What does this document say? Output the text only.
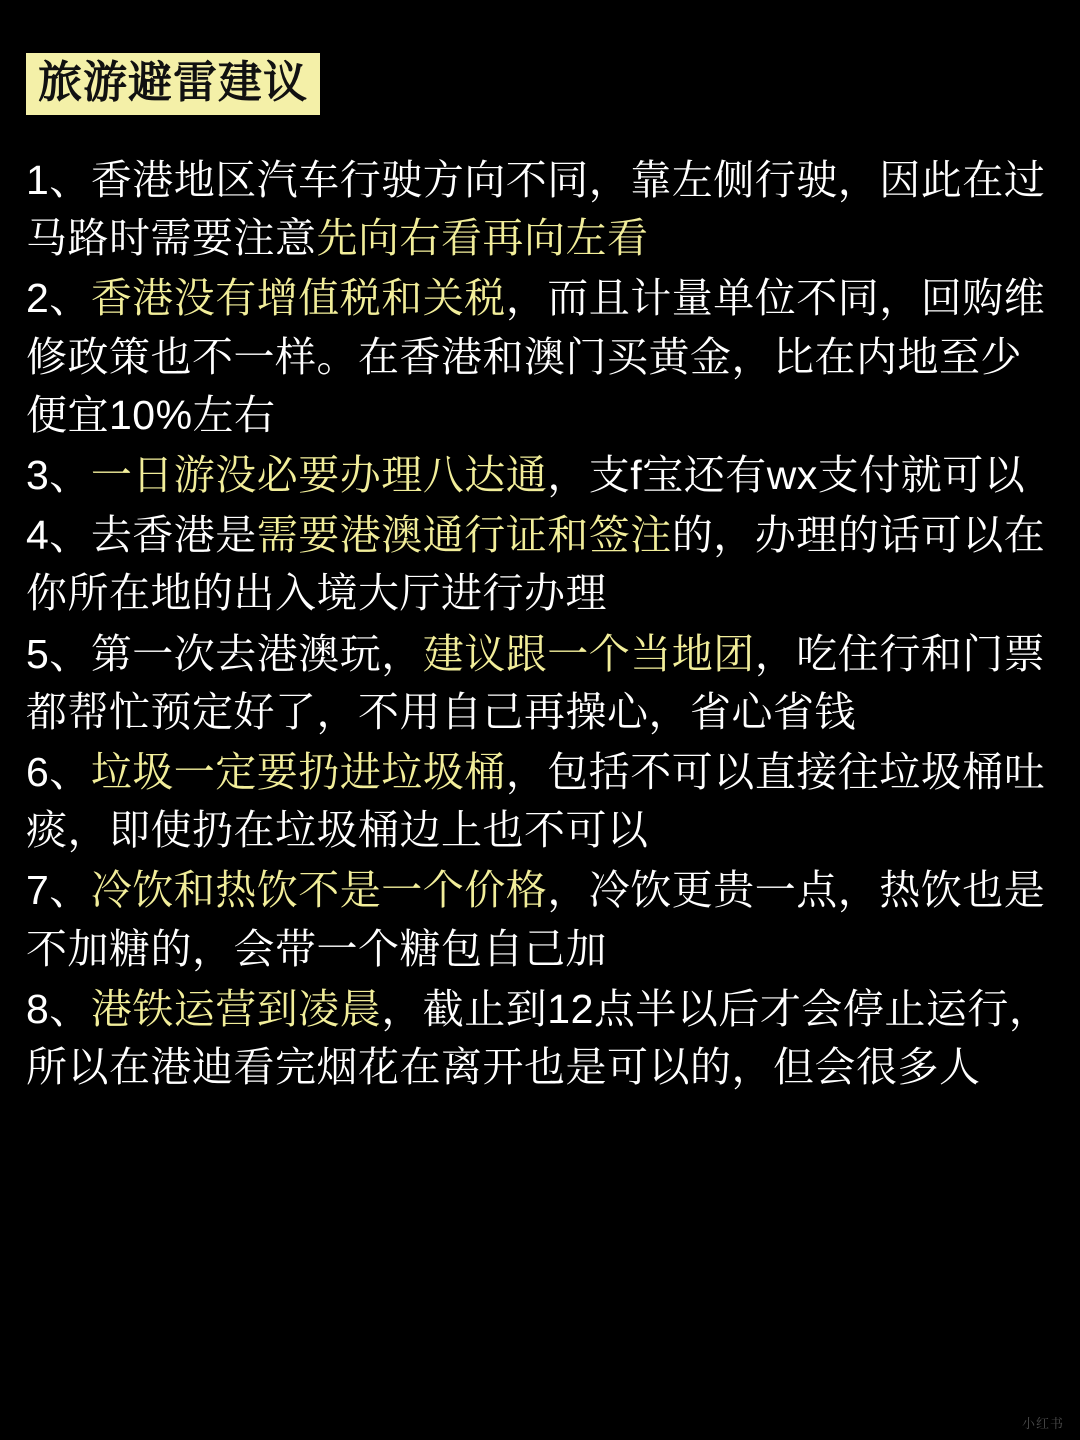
旅游避雷建议

1、香港地区汽车行驶方向不同，靠左侧行驶，因此在过马路时需要注意先向右看再向左看

2、香港没有增值税和关税，而且计量单位不同，回购维修政策也不一样。在香港和澳门买黄金，比在内地至少便宜10%左右

3、一日游没必要办理八达通，支f宝还有wx支付就可以

4、去香港是需要港澳通行证和签注的，办理的话可以在你所在地的出入境大厅进行办理

5、第一次去港澳玩，建议跟一个当地团，吃住行和门票都帮忙预定好了，不用自己再操心，省心省钱

6、垃圾一定要扔进垃圾桶，包括不可以直接往垃圾桶吐痰，即使扔在垃圾桶边上也不可以

7、冷饮和热饮不是一个价格，冷饮更贵一点，热饮也是不加糖的，会带一个糖包自己加

8、港铁运营到凌晨，截止到12点半以后才会停止运行，所以在港迪看完烟花在离开也是可以的，但会很多人

小红书
